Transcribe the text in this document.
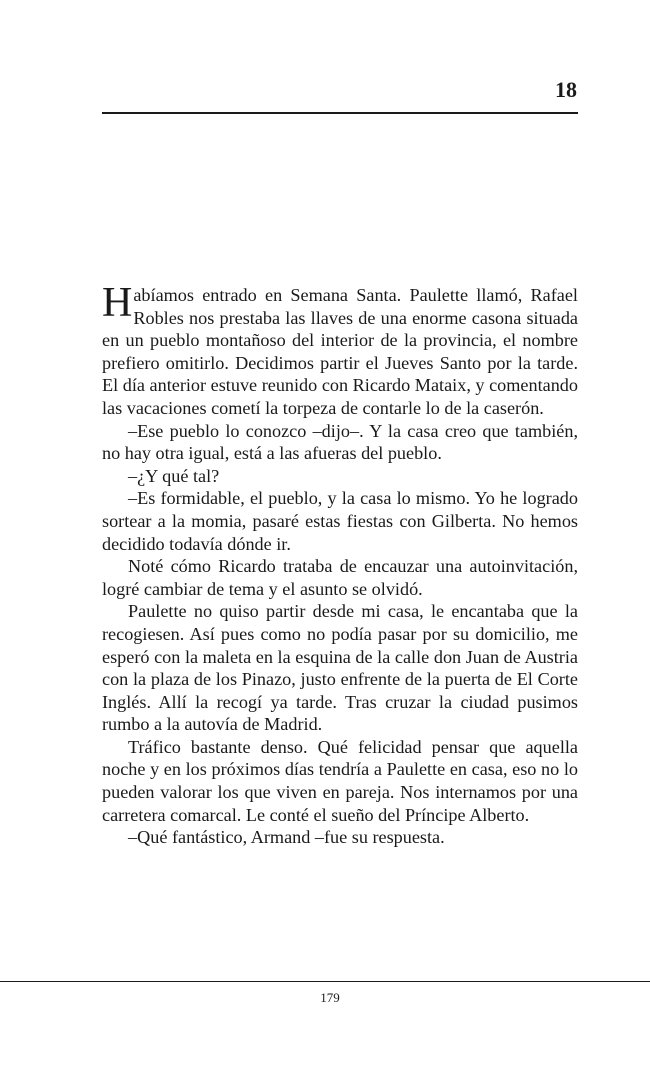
18

Habíamos entrado en Semana Santa. Paulette llamó, Rafael Robles nos prestaba las llaves de una enorme casona situada en un pueblo montañoso del interior de la provincia, el nombre prefiero omitirlo. Decidimos partir el Jueves Santo por la tarde. El día anterior estuve reunido con Ricardo Mataix, y comentando las vacaciones cometí la torpeza de contarle lo de la caserón.

–Ese pueblo lo conozco –dijo–. Y la casa creo que también, no hay otra igual, está a las afueras del pueblo.

–¿Y qué tal?

–Es formidable, el pueblo, y la casa lo mismo. Yo he logrado sortear a la momia, pasaré estas fiestas con Gilberta. No hemos decidido todavía dónde ir.

Noté cómo Ricardo trataba de encauzar una autoinvitación, logré cambiar de tema y el asunto se olvidó.

Paulette no quiso partir desde mi casa, le encantaba que la recogiesen. Así pues como no podía pasar por su domicilio, me esperó con la maleta en la esquina de la calle don Juan de Austria con la plaza de los Pinazo, justo enfrente de la puerta de El Corte Inglés. Allí la recogí ya tarde. Tras cruzar la ciudad pusimos rumbo a la autovía de Madrid.

Tráfico bastante denso. Qué felicidad pensar que aquella noche y en los próximos días tendría a Paulette en casa, eso no lo pueden valorar los que viven en pareja. Nos internamos por una carretera comarcal. Le conté el sueño del Príncipe Alberto.

–Qué fantástico, Armand –fue su respuesta.

179
